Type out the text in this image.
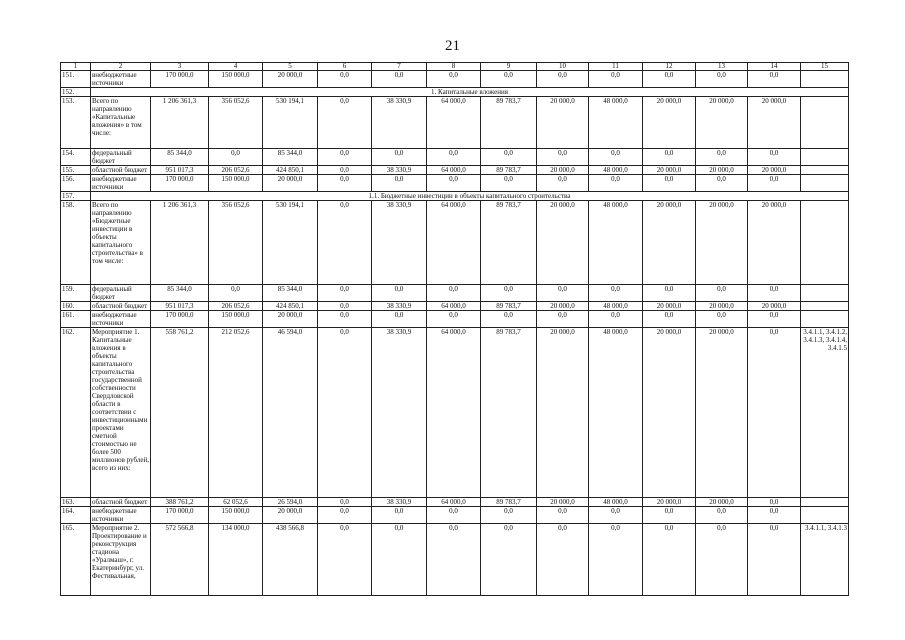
21
1	2	3	4	5	6	7	8	9	10	11	12	13	14	15
151.	внебюджетные источники	170 000,0	150 000,0	20 000,0	0,0	0,0	0,0	0,0	0,0	0,0	0,0	0,0	0,0	
152.	1. Капитальные вложения													
153.	Всего по направлению «Капитальные вложения» в том числе:	1 206 361,3	356 052,6	530 194,1	0,0	38 330,9	64 000,0	89 783,7	20 000,0	48 000,0	20 000,0	20 000,0	20 000,0	
154.	федеральный бюджет	85 344,0	0,0	85 344,0	0,0	0,0	0,0	0,0	0,0	0,0	0,0	0,0	0,0	
155.	областной бюджет	951 017,3	206 052,6	424 850,1	0,0	38 330,9	64 000,0	89 783,7	20 000,0	48 000,0	20 000,0	20 000,0	20 000,0	
156.	внебюджетные источники	170 000,0	150 000,0	20 000,0	0,0	0,0	0,0	0,0	0,0	0,0	0,0	0,0	0,0	
157.	1.1. Бюджетные инвестиции в объекты капитального строительства													
158.	Всего по направлению «Бюджетные инвестиции в объекты капитального строительства» в том числе:	1 206 361,3	356 052,6	530 194,1	0,0	38 330,9	64 000,0	89 783,7	20 000,0	48 000,0	20 000,0	20 000,0	20 000,0	
159.	федеральный бюджет	85 344,0	0,0	85 344,0	0,0	0,0	0,0	0,0	0,0	0,0	0,0	0,0	0,0	
160.	областной бюджет	951 017,3	206 052,6	424 850,1	0,0	38 330,9	64 000,0	89 783,7	20 000,0	48 000,0	20 000,0	20 000,0	20 000,0	
161.	внебюджетные источники	170 000,0	150 000,0	20 000,0	0,0	0,0	0,0	0,0	0,0	0,0	0,0	0,0	0,0	
162.	Мероприятие 1. Капитальные вложения в объекты капитального строительства государственной собственности Свердловской области в соответствии с инвестиционными проектами сметной стоимостью не более 500 миллионов рублей, всего из них:	558 761,2	212 052,6	46 594,0	0,0	38 330,9	64 000,0	89 783,7	20 000,0	48 000,0	20 000,0	20 000,0	0,0	3.4.1.1, 3.4.1.2, 3.4.1.3, 3.4.1.4, 3.4.1.5
163.	областной бюджет	388 761,2	62 052,6	26 594,0	0,0	38 330,9	64 000,0	89 783,7	20 000,0	48 000,0	20 000,0	20 000,0	0,0	
164.	внебюджетные источники	170 000,0	150 000,0	20 000,0	0,0	0,0	0,0	0,0	0,0	0,0	0,0	0,0	0,0	
165.	Мероприятие 2. Проектирование и реконструкция стадиона «Уралмаш», г. Екатеринбург, ул. Фестивальная,	572 566,8	134 000,0	438 566,8	0,0	0,0	0,0	0,0	0,0	0,0	0,0	0,0	0,0	3.4.1.1, 3.4.1.3
